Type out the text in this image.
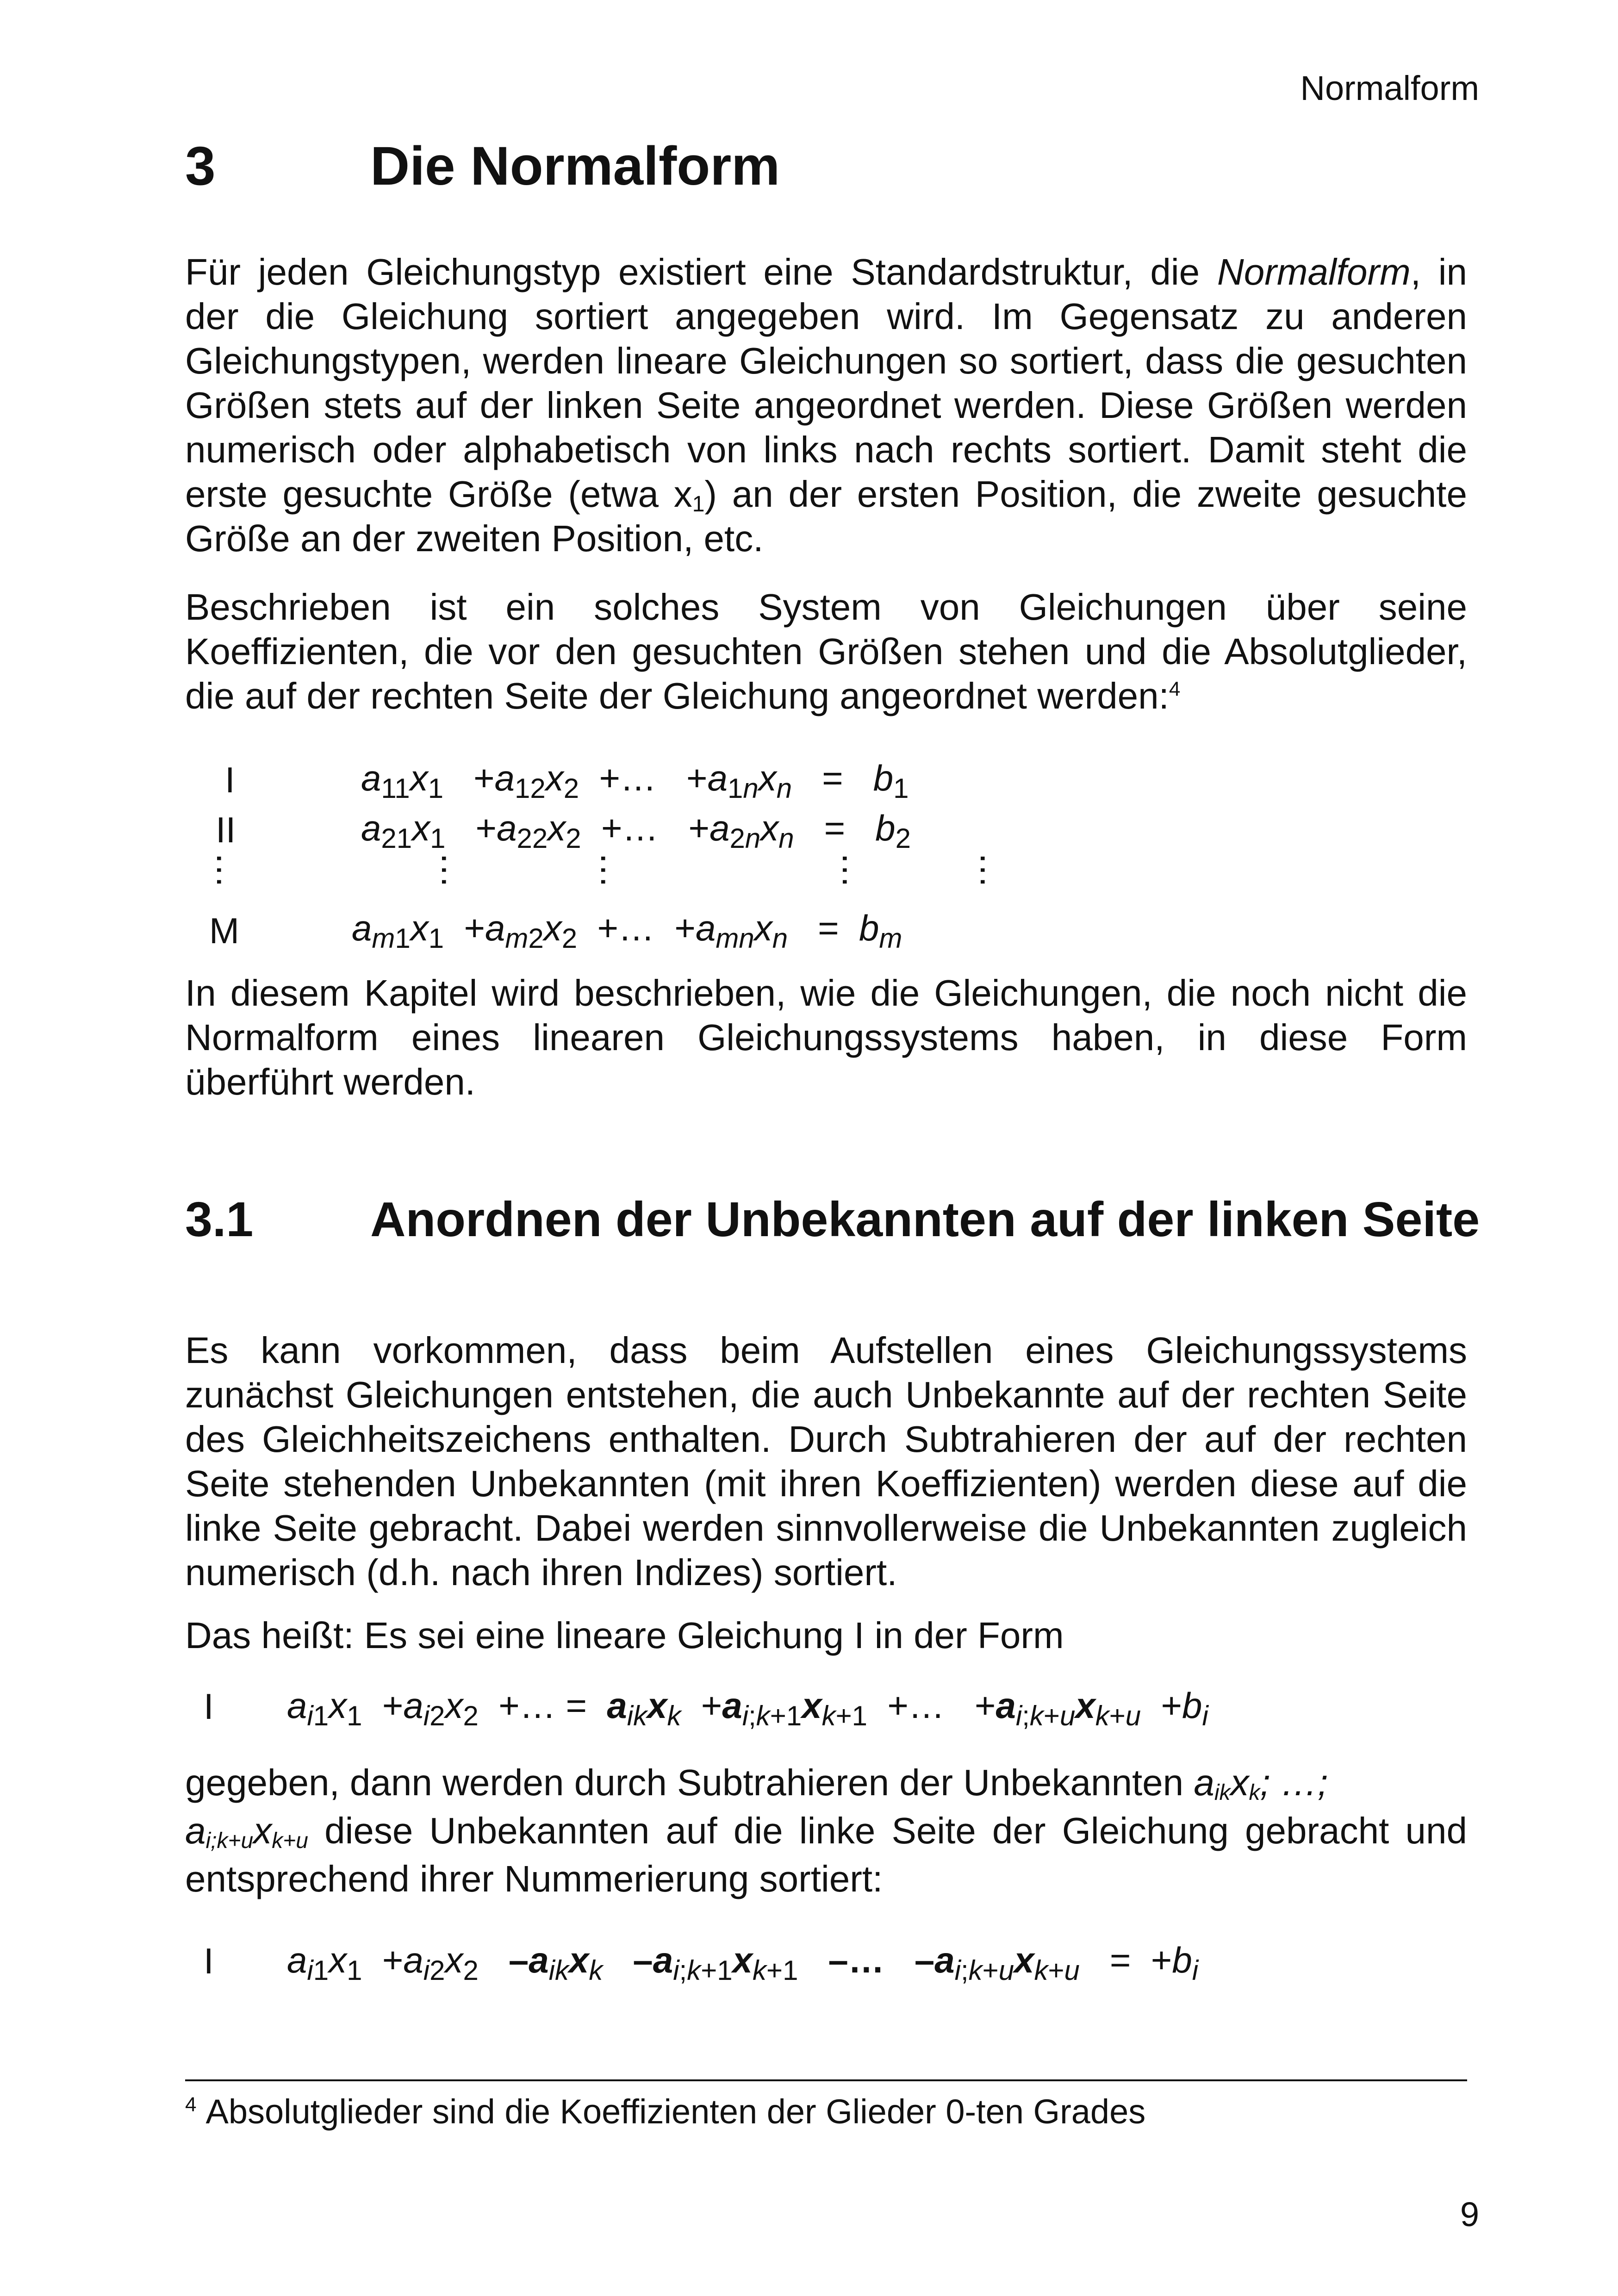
Normalform
3	Die Normalform

Für jeden Gleichungstyp existiert eine Standardstruktur, die Normalform, in der die Gleichung sortiert angegeben wird. Im Gegensatz zu anderen Gleichungstypen, werden lineare Gleichungen so sortiert, dass die gesuchten Größen stets auf der linken Seite angeordnet werden. Diese Größen werden numerisch oder alphabetisch von links nach rechts sortiert. Damit steht die erste gesuchte Größe (etwa $x_1$) an der ersten Position, die zweite gesuchte Größe an der zweiten Position, etc.

Beschrieben ist ein solches System von Gleichungen über seine Koeffizienten, die vor den gesuchten Größen stehen und die Absolutglieder, die auf der rechten Seite der Gleichung angeordnet werden:$^4$

I	$a_{11}x_1 +a_{12}x_2$  +…   $+a_{1n}x_n = b_1$
II	$a_{21}x_1 +a_{22}x_2$  +…   $+a_{2n}x_n = b_2$
…	…	…	…	…
M	$a_{m1}x_1 +a_{m2}x_2$  +…  $+a_{mn}x_n = b_m$

In diesem Kapitel wird beschrieben, wie die Gleichungen, die noch nicht die Normalform eines linearen Gleichungssystems haben, in diese Form überführt werden.

3.1 Anordnen der Unbekannten auf der linken Seite

Es kann vorkommen, dass beim Aufstellen eines Gleichungssystems zunächst Gleichungen entstehen, die auch Unbekannte auf der rechten Seite des Gleichheitszeichens enthalten. Durch Subtrahieren der auf der rechten Seite stehenden Unbekannten (mit ihren Koeffizienten) werden diese auf die linke Seite gebracht. Dabei werden sinnvollerweise die Unbekannten zugleich numerisch (d.h. nach ihren Indizes) sortiert.

Das heißt: Es sei eine lineare Gleichung I in der Form

I $a_{i1}x_1 +a_{i2}x_2$  +… =  $a_{ik}x_k +a_{i;k+1}x_{k+1}$  +…   $+a_{i;k+u}x_{k+u} +b_i$

gegeben, dann werden durch Subtrahieren der Unbekannten $a_{ik}x_k$; …;
$a_{i;k+u}x_{k+u}$ diese Unbekannten auf die linke Seite der Gleichung gebracht und entsprechend ihrer Nummerierung sortiert:

I $a_{i1}x_1 +a_{i2}x_2$ $-a_{ik}x_k$ $-a_{i;k+1}x_{k+1}$ –… $-a_{i;k+u}x_{k+u} = +b_i$
$^4$ Absolutglieder sind die Koeffizienten der Glieder 0-ten Grades
9
